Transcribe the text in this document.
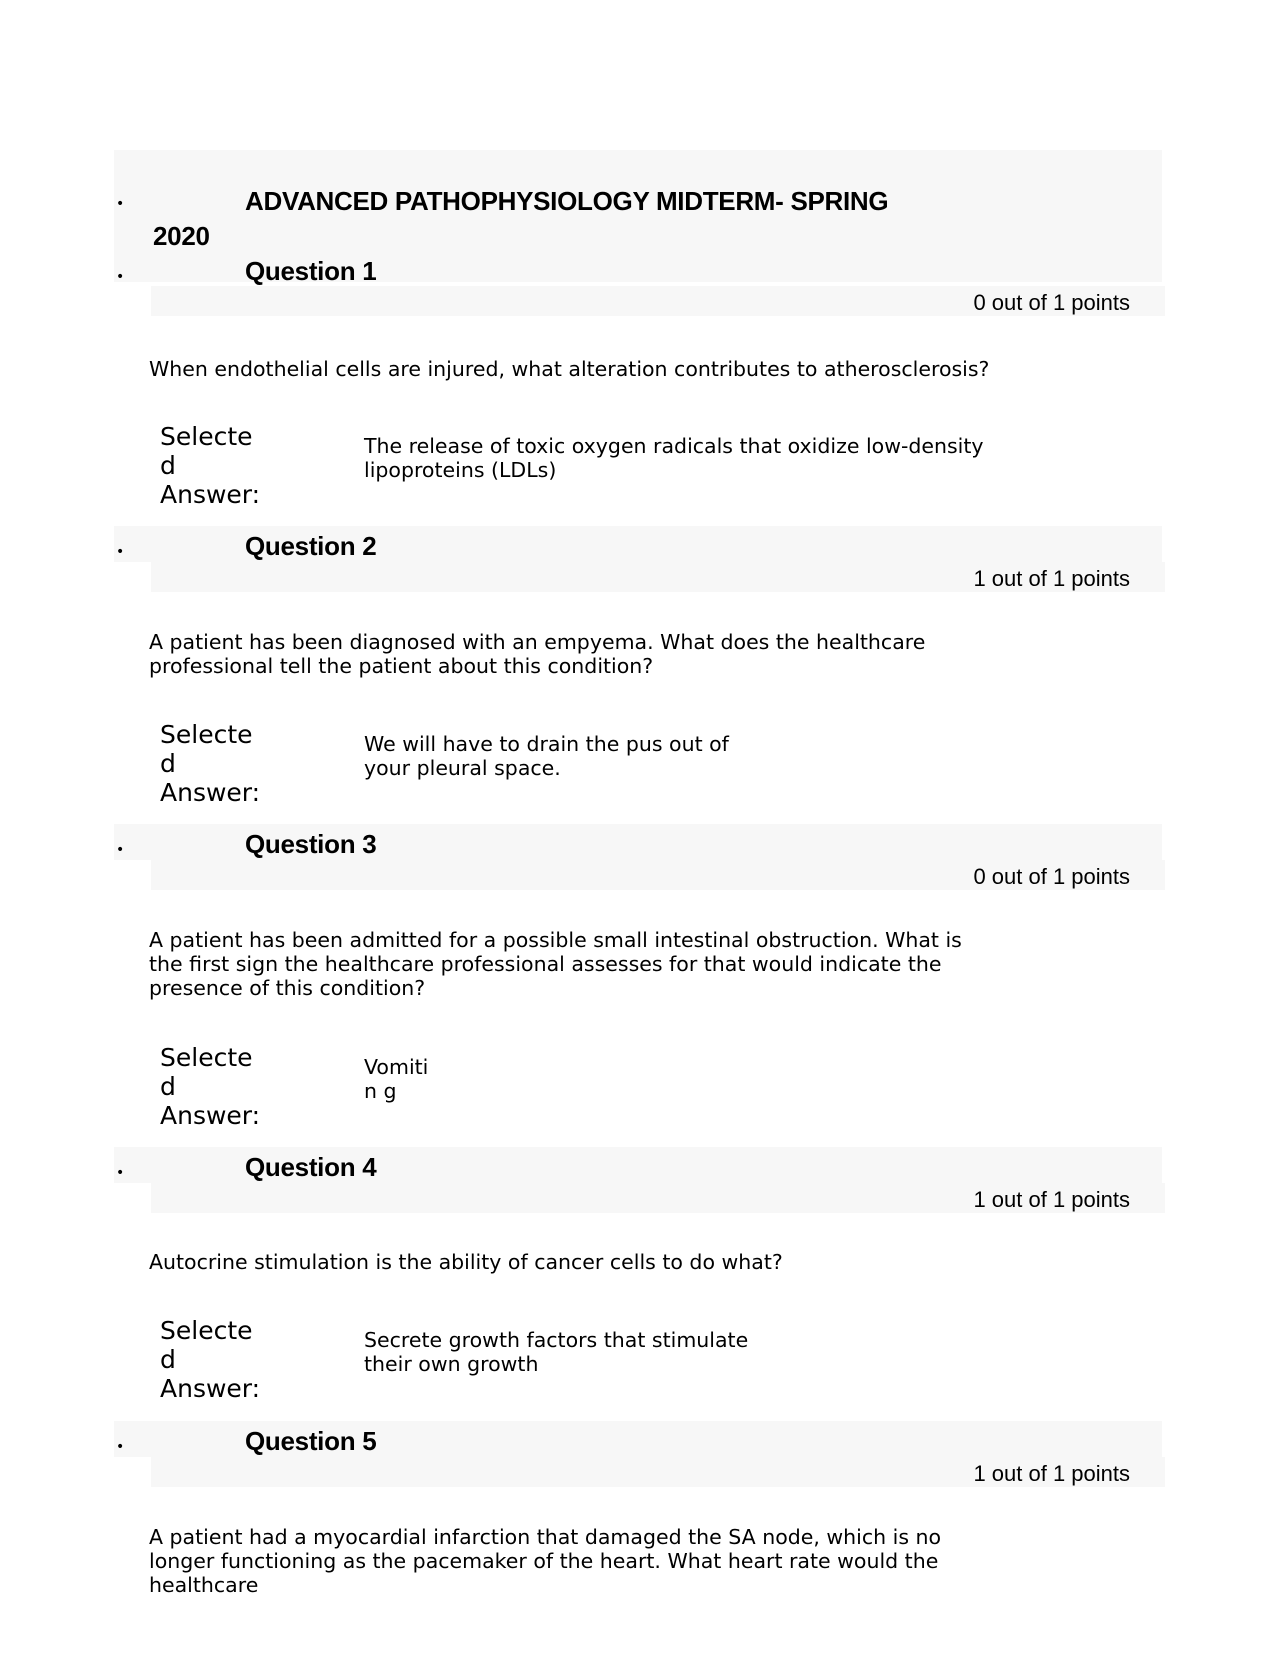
•	ADVANCED PATHOPHYSIOLOGY MIDTERM- SPRING
2020
•	Question 1
0 out of 1 points
When endothelial cells are injured, what alteration contributes to atherosclerosis?
Selecte
d
Answer:
The release of toxic oxygen radicals that oxidize low-density
lipoproteins (LDLs)
•	Question 2
1 out of 1 points
A patient has been diagnosed with an empyema. What does the healthcare
professional tell the patient about this condition?
Selecte
d
Answer:
We will have to drain the pus out of
your pleural space.
•	Question 3
0 out of 1 points
A patient has been admitted for a possible small intestinal obstruction. What is
the first sign the healthcare professional assesses for that would indicate the
presence of this condition?
Selecte
d
Answer:
Vomiti
n g
•	Question 4
1 out of 1 points
Autocrine stimulation is the ability of cancer cells to do what?
Selecte
d
Answer:
Secrete growth factors that stimulate
their own growth
•	Question 5
1 out of 1 points
A patient had a myocardial infarction that damaged the SA node, which is no
longer functioning as the pacemaker of the heart. What heart rate would the
healthcare
